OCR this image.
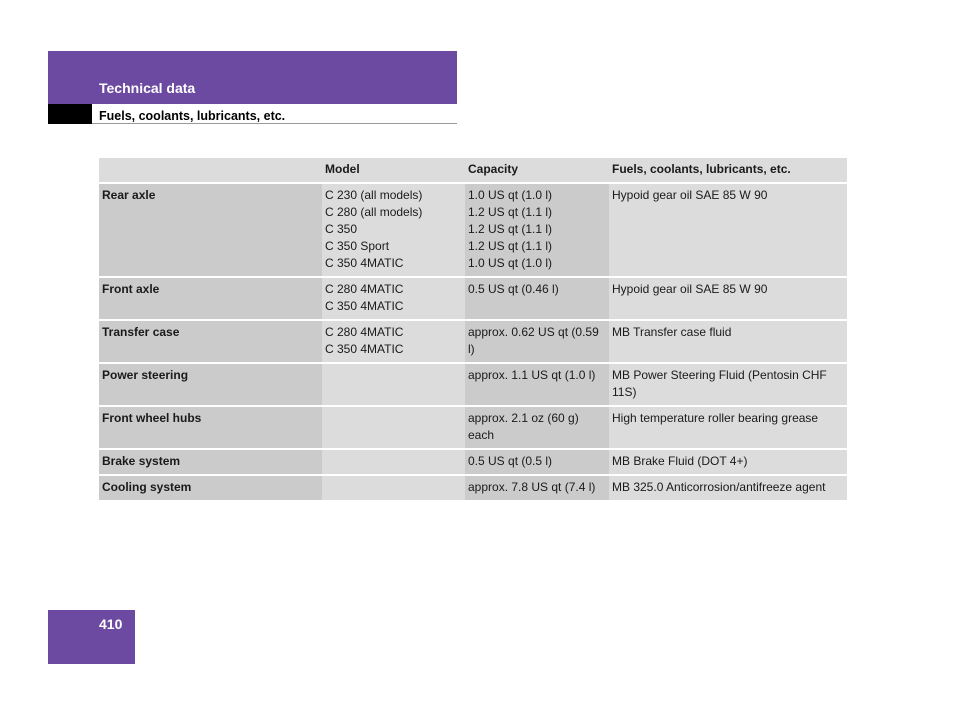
Technical data
Fuels, coolants, lubricants, etc.
	Model	Capacity	Fuels, coolants, lubricants, etc.
Rear axle	C 230 (all models)
C 280 (all models)
C 350
C 350 Sport
C 350 4MATIC	1.0 US qt (1.0 l)
1.2 US qt (1.1 l)
1.2 US qt (1.1 l)
1.2 US qt (1.1 l)
1.0 US qt (1.0 l)	Hypoid gear oil SAE 85 W 90
Front axle	C 280 4MATIC
C 350 4MATIC	0.5 US qt (0.46 l)	Hypoid gear oil SAE 85 W 90
Transfer case	C 280 4MATIC
C 350 4MATIC	approx. 0.62 US qt (0.59 l)	MB Transfer case fluid
Power steering		approx. 1.1 US qt (1.0 l)	MB Power Steering Fluid (Pentosin CHF 11S)
Front wheel hubs		approx. 2.1 oz (60 g) each	High temperature roller bearing grease
Brake system		0.5 US qt (0.5 l)	MB Brake Fluid (DOT 4+)
Cooling system		approx. 7.8 US qt (7.4 l)	MB 325.0 Anticorrosion/antifreeze agent
410
